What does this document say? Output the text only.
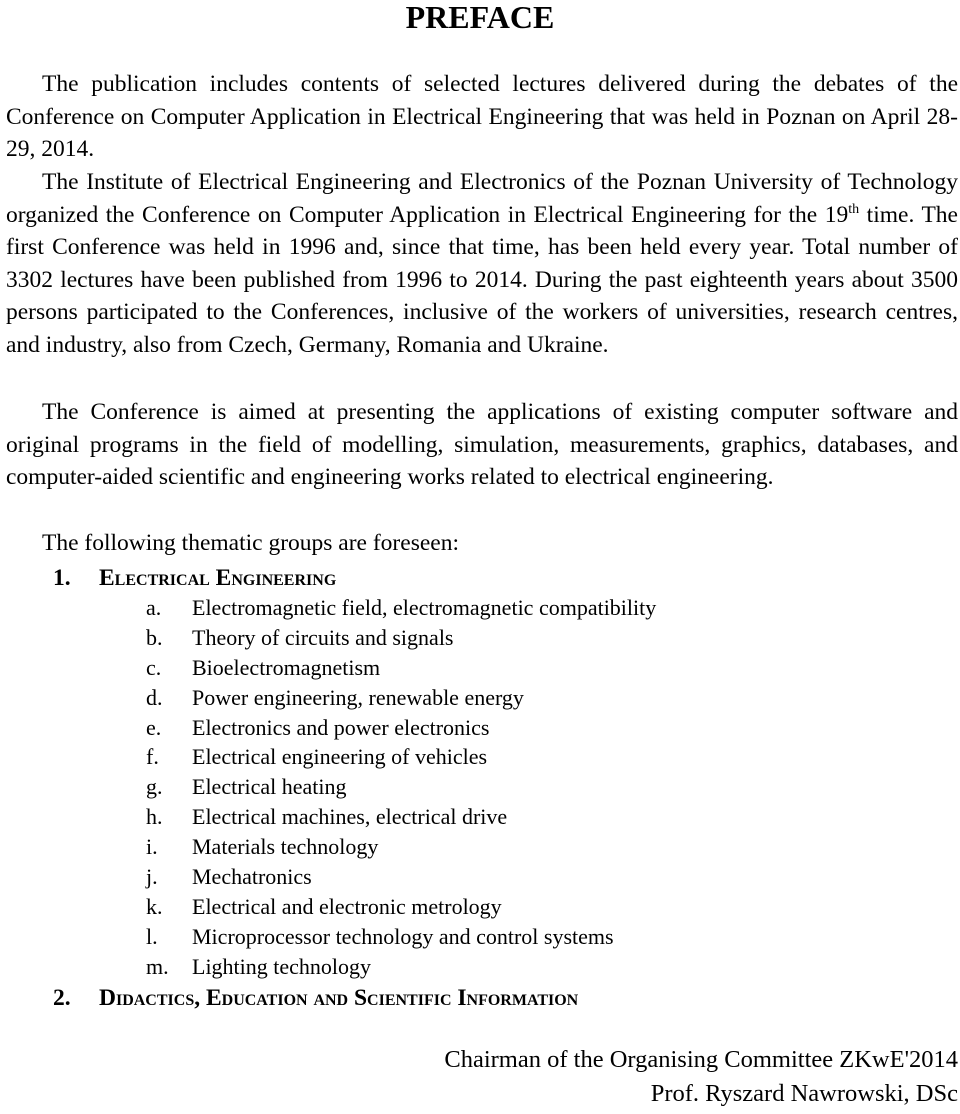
PREFACE
The publication includes contents of selected lectures delivered during the debates of the Conference on Computer Application in Electrical Engineering that was held in Poznan on April 28-29, 2014.
The Institute of Electrical Engineering and Electronics of the Poznan University of Technology organized the Conference on Computer Application in Electrical Engineering for the 19th time. The first Conference was held in 1996 and, since that time, has been held every year. Total number of 3302 lectures have been published from 1996 to 2014. During the past eighteenth years about 3500 persons participated to the Conferences, inclusive of the workers of universities, research centres, and industry, also from Czech, Germany, Romania and Ukraine.
The Conference is aimed at presenting the applications of existing computer software and original programs in the field of modelling, simulation, measurements, graphics, databases, and computer-aided scientific and engineering works related to electrical engineering.
The following thematic groups are foreseen:
1. Electrical Engineering
a. Electromagnetic field, electromagnetic compatibility
b. Theory of circuits and signals
c. Bioelectromagnetism
d. Power engineering, renewable energy
e. Electronics and power electronics
f. Electrical engineering of vehicles
g. Electrical heating
h. Electrical machines, electrical drive
i. Materials technology
j. Mechatronics
k. Electrical and electronic metrology
l. Microprocessor technology and control systems
m. Lighting technology
2. Didactics, Education and Scientific Information
Chairman of the Organising Committee ZKwE'2014
Prof. Ryszard Nawrowski, DSc
